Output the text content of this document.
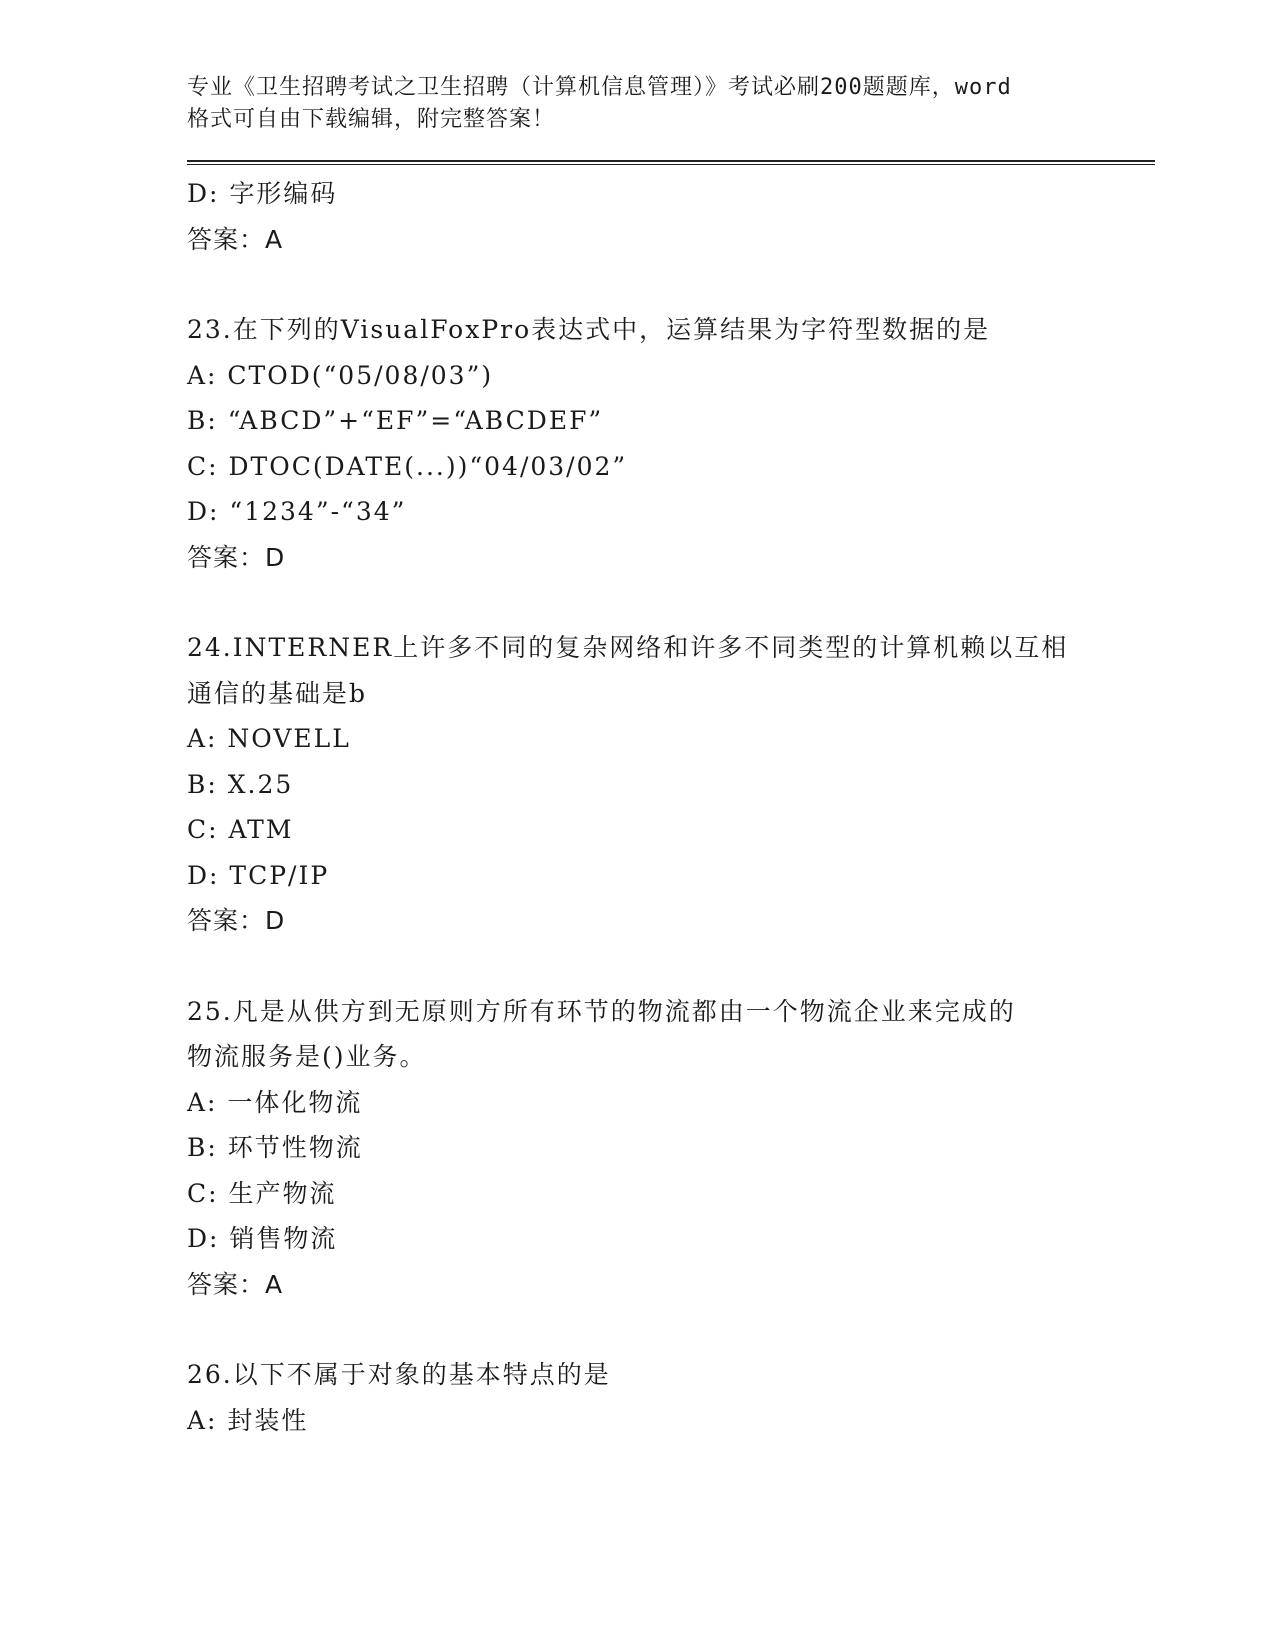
专业《卫生招聘考试之卫生招聘（计算机信息管理）》考试必刷200题题库，word
格式可自由下载编辑，附完整答案！
D: 字形编码
答案：A
23.在下列的VisualFoxPro表达式中，运算结果为字符型数据的是
A: CTOD(“05/08/03”)
B: “ABCD”+“EF”=“ABCDEF”
C: DTOC(DATE(...))“04/03/02”
D: “1234”-“34”
答案：D
24.INTERNER上许多不同的复杂网络和许多不同类型的计算机赖以互相
通信的基础是b
A: NOVELL
B: X.25
C: ATM
D: TCP/IP
答案：D
25.凡是从供方到无原则方所有环节的物流都由一个物流企业来完成的
物流服务是()业务。
A: 一体化物流
B: 环节性物流
C: 生产物流
D: 销售物流
答案：A
26.以下不属于对象的基本特点的是
A: 封装性
